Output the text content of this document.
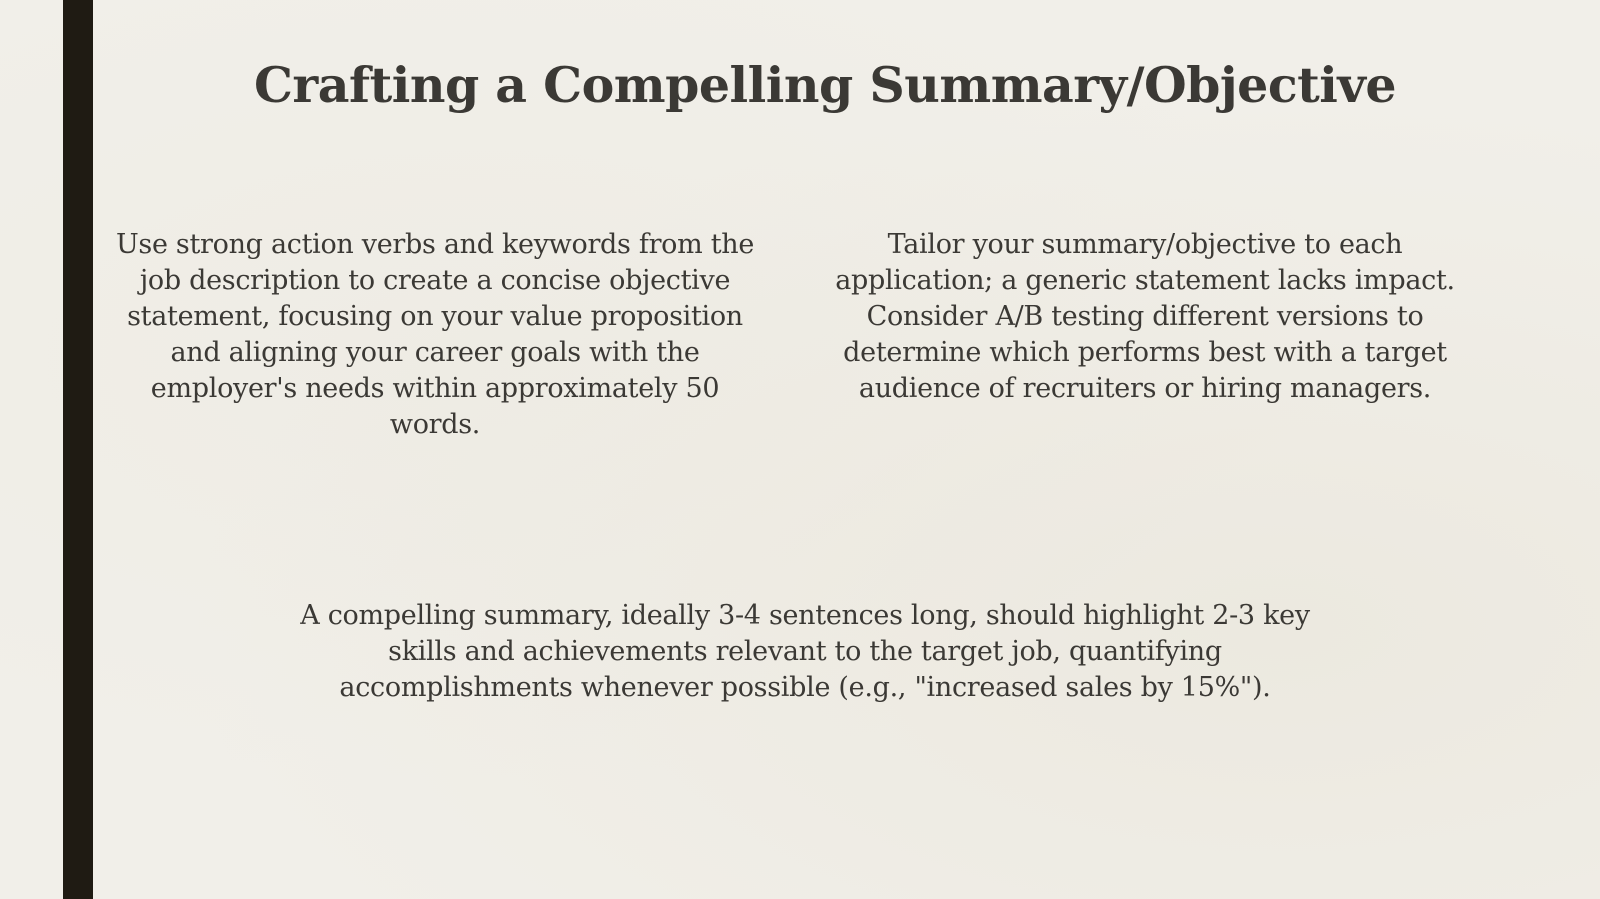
Crafting a Compelling Summary/Objective

Use strong action verbs and keywords from the job description to create a concise objective statement, focusing on your value proposition and aligning your career goals with the employer's needs within approximately 50 words.

Tailor your summary/objective to each application; a generic statement lacks impact. Consider A/B testing different versions to determine which performs best with a target audience of recruiters or hiring managers.

A compelling summary, ideally 3-4 sentences long, should highlight 2-3 key skills and achievements relevant to the target job, quantifying accomplishments whenever possible (e.g., "increased sales by 15%").
